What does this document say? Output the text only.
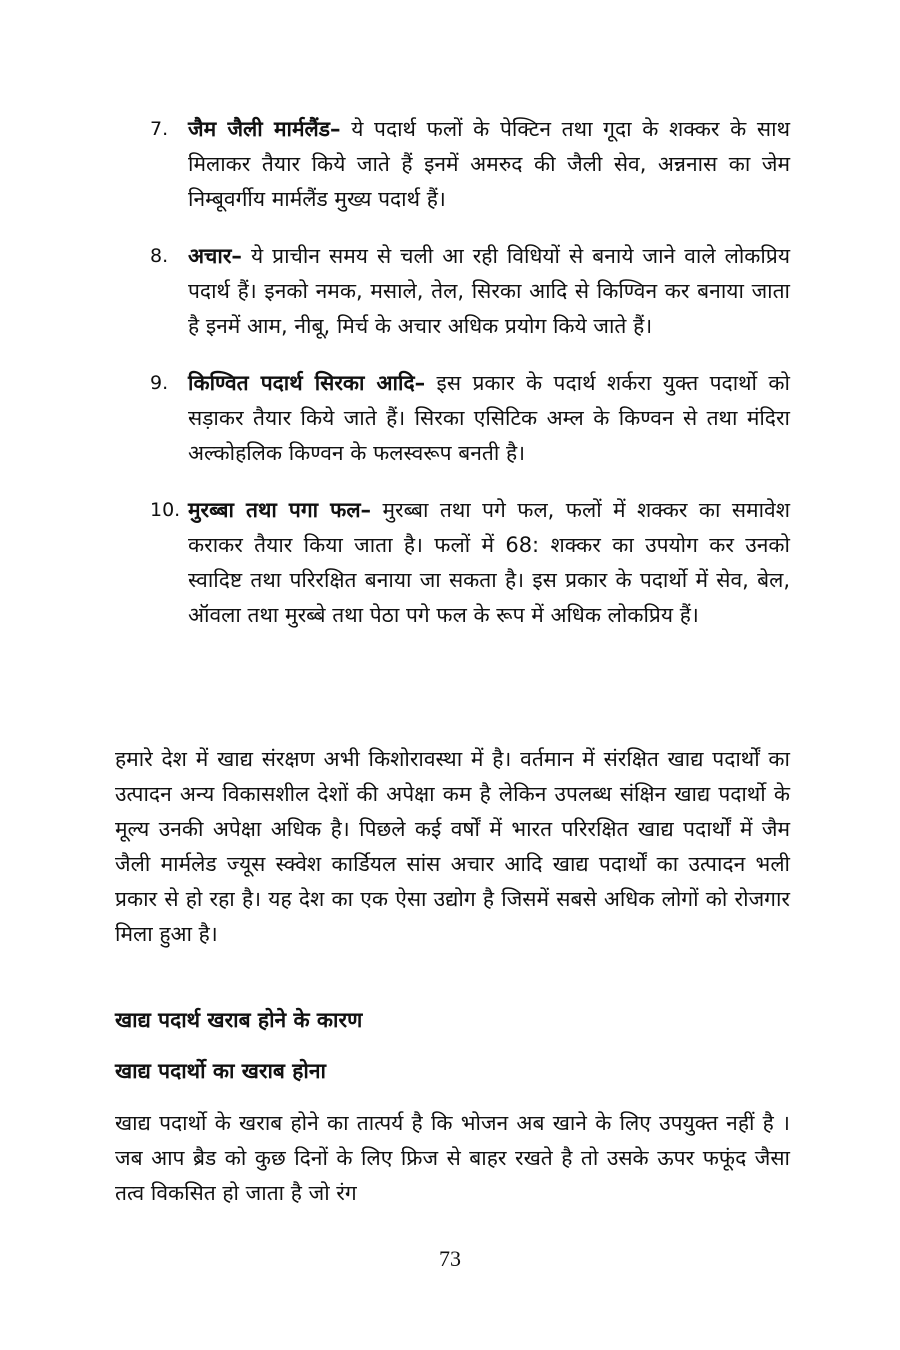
7. जैम जैली मार्मलैंड– ये पदार्थ फलों के पेक्टिन तथा गूदा के शक्कर के साथ मिलाकर तैयार किये जाते हैं इनमें अमरुद की जैली सेव, अन्ननास का जेम निम्बूवर्गीय मार्मलैंड मुख्य पदार्थ हैं।
8. अचार– ये प्राचीन समय से चली आ रही विधियों से बनाये जाने वाले लोकप्रिय पदार्थ हैं। इनको नमक, मसाले, तेल, सिरका आदि से किण्विन कर बनाया जाता है इनमें आम, नीबू, मिर्च के अचार अधिक प्रयोग किये जाते हैं।
9. किण्वित पदार्थ सिरका आदि– इस प्रकार के पदार्थ शर्करा युक्त पदार्थो को सड़ाकर तैयार किये जाते हैं। सिरका एसिटिक अम्ल के किण्वन से तथा मंदिरा अल्कोहलिक किण्वन के फलस्वरूप बनती है।
10. मुरब्बा तथा पगा फल– मुरब्बा तथा पगे फल, फलों में शक्कर का समावेश कराकर तैयार किया जाता है। फलों में 68: शक्कर का उपयोग कर उनको स्वादिष्ट तथा परिरक्षित बनाया जा सकता है। इस प्रकार के पदार्थो में सेव, बेल, ऑवला तथा मुरब्बे तथा पेठा पगे फल के रूप में अधिक लोकप्रिय हैं।

हमारे देश में खाद्य संरक्षण अभी किशोरावस्था में है। वर्तमान में संरक्षित खाद्य पदार्थों का उत्पादन अन्य विकासशील देशों की अपेक्षा कम है लेकिन उपलब्ध संक्षिन खाद्य पदार्थो के मूल्य उनकी अपेक्षा अधिक है। पिछले कई वर्षों में भारत परिरक्षित खाद्य पदार्थों में जैम जैली मार्मलेड ज्यूस स्क्वेश कार्डियल सांस अचार आदि खाद्य पदार्थों का उत्पादन भली प्रकार से हो रहा है। यह देश का एक ऐसा उद्योग है जिसमें सबसे अधिक लोगों को रोजगार मिला हुआ है।

खाद्य पदार्थ खराब होने के कारण
खाद्य पदार्थो का खराब होना

खाद्य पदार्थो के खराब होने का तात्पर्य है कि भोजन अब खाने के लिए उपयुक्त नहीं है । जब आप ब्रैड को कुछ दिनों के लिए फ्रिज से बाहर रखते है तो उसके ऊपर फफूंद जैसा तत्व विकसित हो जाता है जो रंग

73
